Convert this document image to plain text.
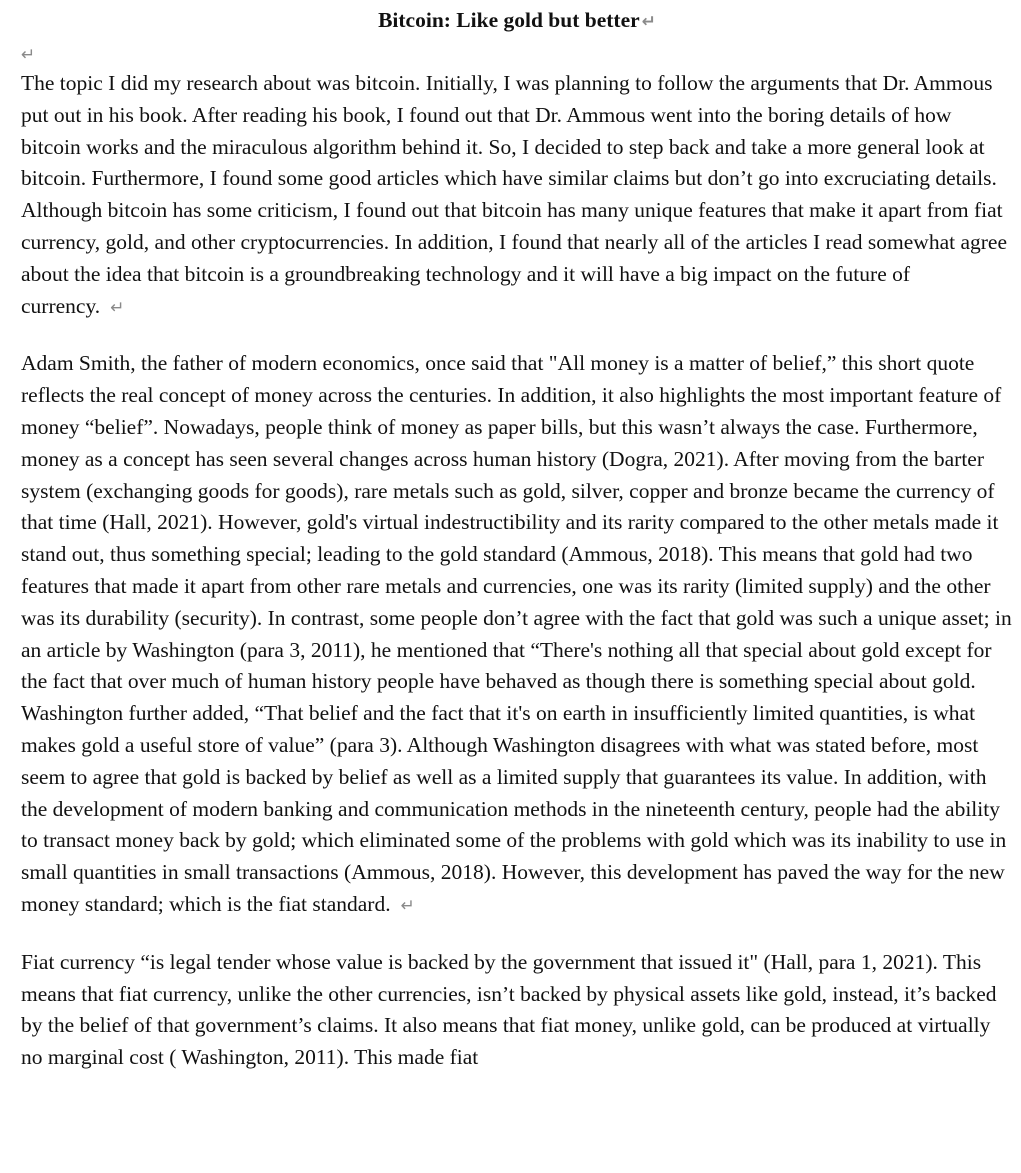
Bitcoin: Like gold but better ↵

↵

The topic I did my research about was bitcoin. Initially, I was planning to follow the arguments that Dr. Ammous put out in his book. After reading his book, I found out that Dr. Ammous went into the boring details of how bitcoin works and the miraculous algorithm behind it. So, I decided to step back and take a more general look at bitcoin. Furthermore, I found some good articles which have similar claims but don’t go into excruciating details. Although bitcoin has some criticism, I found out that bitcoin has many unique features that make it apart from fiat currency, gold, and other cryptocurrencies. In addition, I found that nearly all of the articles I read somewhat agree about the idea that bitcoin is a groundbreaking technology and it will have a big impact on the future of currency. ↵

Adam Smith, the father of modern economics, once said that "All money is a matter of belief,” this short quote reflects the real concept of money across the centuries. In addition, it also highlights the most important feature of money “belief”. Nowadays, people think of money as paper bills, but this wasn’t always the case. Furthermore, money as a concept has seen several changes across human history (Dogra, 2021). After moving from the barter system (exchanging goods for goods), rare metals such as gold, silver, copper and bronze became the currency of that time (Hall, 2021). However, gold's virtual indestructibility and its rarity compared to the other metals made it stand out, thus something special; leading to the gold standard (Ammous, 2018). This means that gold had two features that made it apart from other rare metals and currencies, one was its rarity (limited supply) and the other was its durability (security). In contrast, some people don’t agree with the fact that gold was such a unique asset; in an article by Washington (para 3, 2011), he mentioned that “There's nothing all that special about gold except for the fact that over much of human history people have behaved as though there is something special about gold. Washington further added, “That belief and the fact that it's on earth in insufficiently limited quantities, is what makes gold a useful store of value” (para 3). Although Washington disagrees with what was stated before, most seem to agree that gold is backed by belief as well as a limited supply that guarantees its value. In addition, with the development of modern banking and communication methods in the nineteenth century, people had the ability to transact money back by gold; which eliminated some of the problems with gold which was its inability to use in small quantities in small transactions (Ammous, 2018). However, this development has paved the way for the new money standard; which is the fiat standard. ↵

Fiat currency “is legal tender whose value is backed by the government that issued it" (Hall, para 1, 2021). This means that fiat currency, unlike the other currencies, isn’t backed by physical assets like gold, instead, it’s backed by the belief of that government’s claims. It also means that fiat money, unlike gold, can be produced at virtually no marginal cost ( Washington, 2011). This made fiat
